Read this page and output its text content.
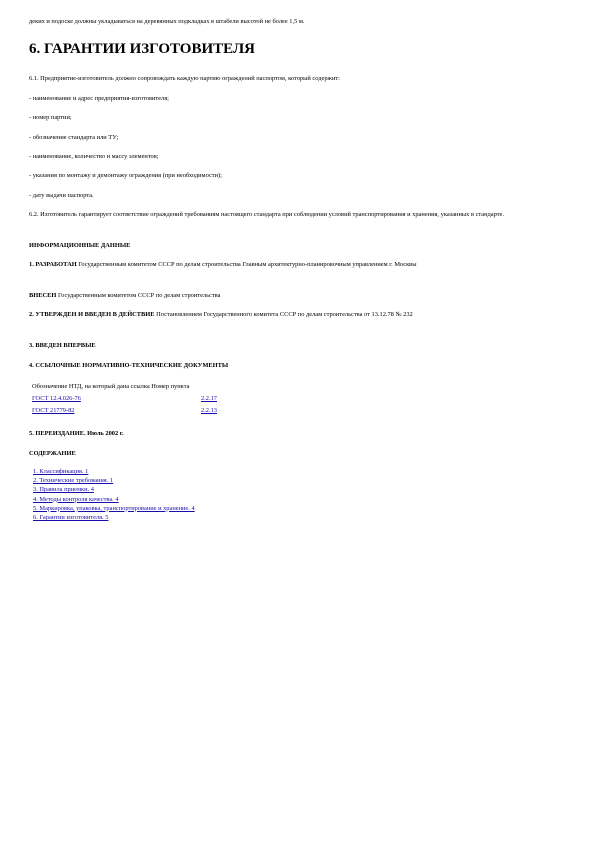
деких и подоске должны укладываться на деревянных подкладках в штабели высотой не более 1,5 м.
6. ГАРАНТИИ ИЗГОТОВИТЕЛЯ
6.1. Предприятие-изготовитель должно сопровождать каждую партию ограждений паспортом, который содержит:
- наименование и адрес предприятия-изготовителя;
- номер партии;
- обозначение стандарта или ТУ;
- наименование, количество и массу элементов;
- указания по монтажу и демонтажу ограждения (при необходимости);
- дату выдачи паспорта.
6.2. Изготовитель гарантирует соответствие ограждений требованиям настоящего стандарта при соблюдении условий транспортирования и хранения, указанных в стандарте.
ИНФОРМАЦИОННЫЕ ДАННЫЕ
1. РАЗРАБОТАН Государственным комитетом СССР по делам строительства Главным архитектурно-планировочным управлением г. Москвы
ВНЕСЕН Государственным комитетом СССР по делам строительства
2. УТВЕРЖДЕН И ВВЕДЕН В ДЕЙСТВИЕ Постановлением Государственного комитета СССР по делам строительства от 13.12.78 № 232
3. ВВЕДЕН ВПЕРВЫЕ
4. ССЫЛОЧНЫЕ НОРМАТИВНО-ТЕХНИЧЕСКИЕ ДОКУМЕНТЫ
Обозначение НТД, на который дана ссылка Номер пункта
ГОСТ 12.4.026-76	2.2.17
ГОСТ 21779-82	2.2.13
5. ПЕРЕИЗДАНИЕ. Июль 2002 г.
СОДЕРЖАНИЕ
1. Классификация. 1
2. Технические требования. 1
3. Правила приемки. 4
4. Методы контроля качества. 4
5. Маркировка, упаковка, транспортирование и хранение. 4
6. Гарантии изготовителя. 5
